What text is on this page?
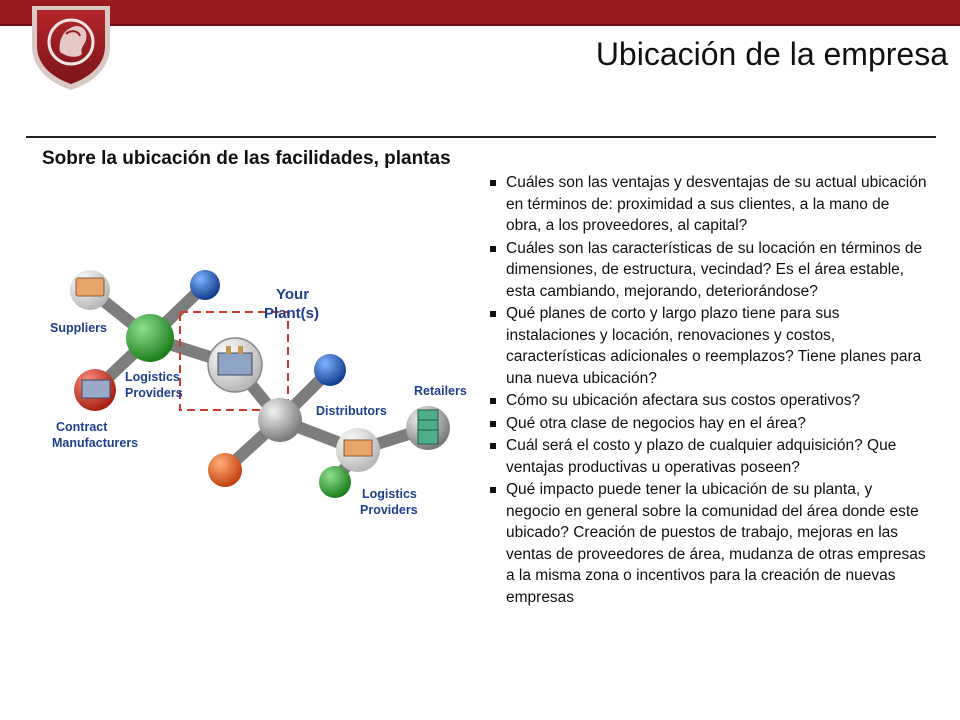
Ubicación de la empresa
Sobre la ubicación de las facilidades, plantas
Suppliers
Logistics
Providers
Contract
Manufacturers
Your
Plant(s)
Distributors
Retailers
Logistics
Providers
Cuáles son las ventajas y desventajas de su actual ubicación en términos de: proximidad a sus clientes, a la mano de obra, a los proveedores, al capital?
Cuáles son las características de su locación en términos de dimensiones, de estructura, vecindad? Es el área estable, esta cambiando, mejorando, deteriorándose?
Qué planes de corto y largo plazo tiene para sus instalaciones y locación, renovaciones y costos, características adicionales o reemplazos? Tiene planes para una nueva ubicación?
Cómo su ubicación afectara sus costos operativos?
Qué otra clase de negocios hay en el área?
Cuál será el costo y plazo de cualquier adquisición? Que ventajas productivas u operativas poseen?
Qué impacto puede tener la ubicación de su planta, y negocio en general sobre la comunidad del área donde este ubicado? Creación de puestos de trabajo, mejoras en las ventas de proveedores de área, mudanza de otras empresas a la misma zona o incentivos para la creación de nuevas empresas
